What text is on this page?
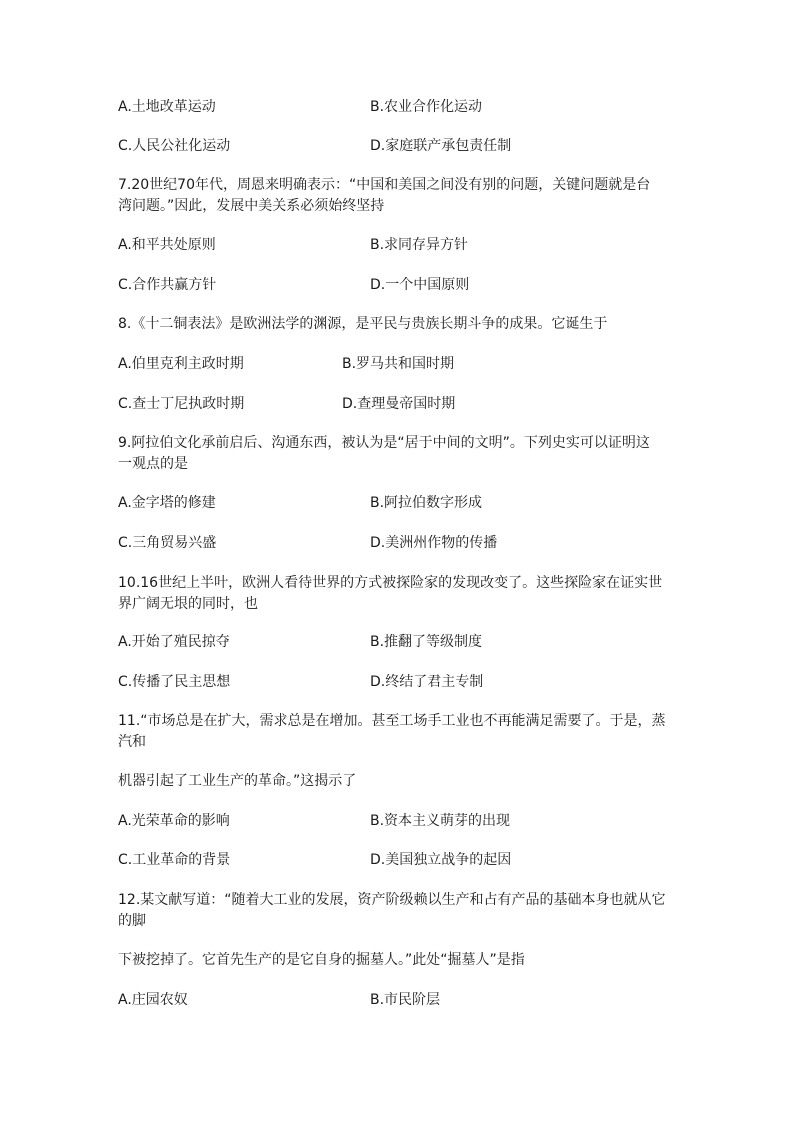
A.土地改革运动	B.农业合作化运动
C.人民公社化运动	D.家庭联产承包责任制
7.20世纪70年代，周恩来明确表示：“中国和美国之间没有别的问题，关键问题就是台
湾问题。”因此，发展中美关系必须始终坚持
A.和平共处原则	B.求同存异方针
C.合作共赢方针	D.一个中国原则
8.《十二铜表法》是欧洲法学的渊源，是平民与贵族长期斗争的成果。它诞生于
A.伯里克利主政时期	B.罗马共和国时期
C.查士丁尼执政时期	D.查理曼帝国时期
9.阿拉伯文化承前启后、沟通东西，被认为是“居于中间的文明”。下列史实可以证明这
一观点的是
A.金字塔的修建	B.阿拉伯数字形成
C.三角贸易兴盛	D.美洲州作物的传播
10.16世纪上半叶，欧洲人看待世界的方式被探险家的发现改变了。这些探险家在证实世
界广阔无垠的同时，也
A.开始了殖民掠夺	B.推翻了等级制度
C.传播了民主思想	D.终结了君主专制
11.“市场总是在扩大，需求总是在增加。甚至工场手工业也不再能满足需要了。于是，蒸
汽和
机器引起了工业生产的革命。”这揭示了
A.光荣革命的影响	B.资本主义萌芽的出现
C.工业革命的背景	D.美国独立战争的起因
12.某文献写道：“随着大工业的发展，资产阶级赖以生产和占有产品的基础本身也就从它
的脚
下被挖掉了。它首先生产的是它自身的掘墓人。”此处“掘墓人”是指
A.庄园农奴	B.市民阶层
